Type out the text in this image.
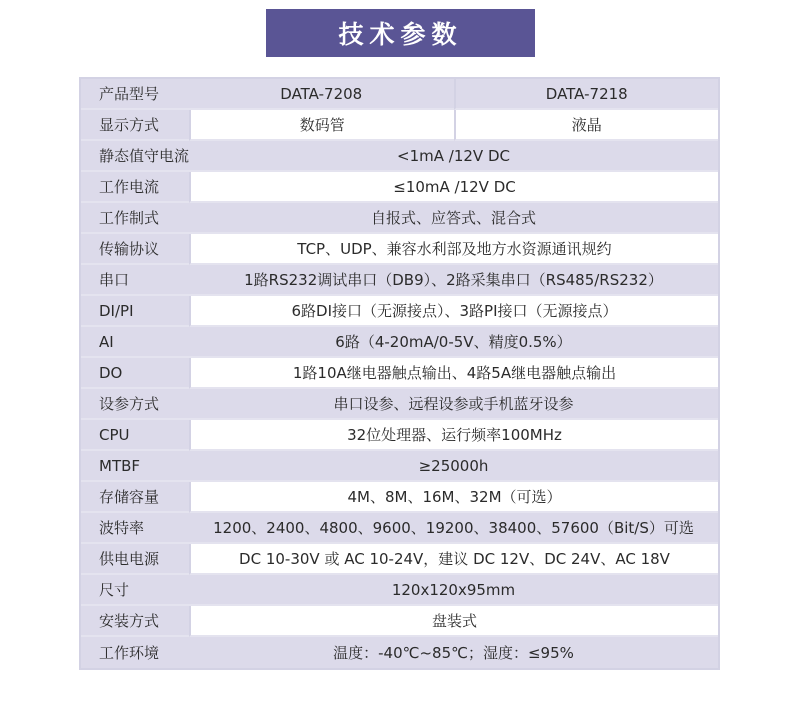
技术参数
产品型号	DATA-7208	DATA-7218
显示方式	数码管	液晶
静态值守电流	<1mA /12V DC	
工作电流	≤10mA /12V DC	
工作制式	自报式、应答式、混合式	
传输协议	TCP、UDP、兼容水利部及地方水资源通讯规约	
串口	1路RS232调试串口（DB9）、2路采集串口（RS485/RS232）	
DI/PI	6路DI接口（无源接点）、3路PI接口（无源接点）	
AI	6路（4-20mA/0-5V、精度0.5%）	
DO	1路10A继电器触点输出、4路5A继电器触点输出	
设参方式	串口设参、远程设参或手机蓝牙设参	
CPU	32位处理器、运行频率100MHz	
MTBF	≥25000h	
存储容量	4M、8M、16M、32M（可选）	
波特率	1200、2400、4800、9600、19200、38400、57600（Bit/S）可选	
供电电源	DC 10-30V 或 AC 10-24V，建议 DC 12V、DC 24V、AC 18V	
尺寸	120x120x95mm	
安装方式	盘装式	
工作环境	温度：-40℃~85℃；湿度：≤95%	
